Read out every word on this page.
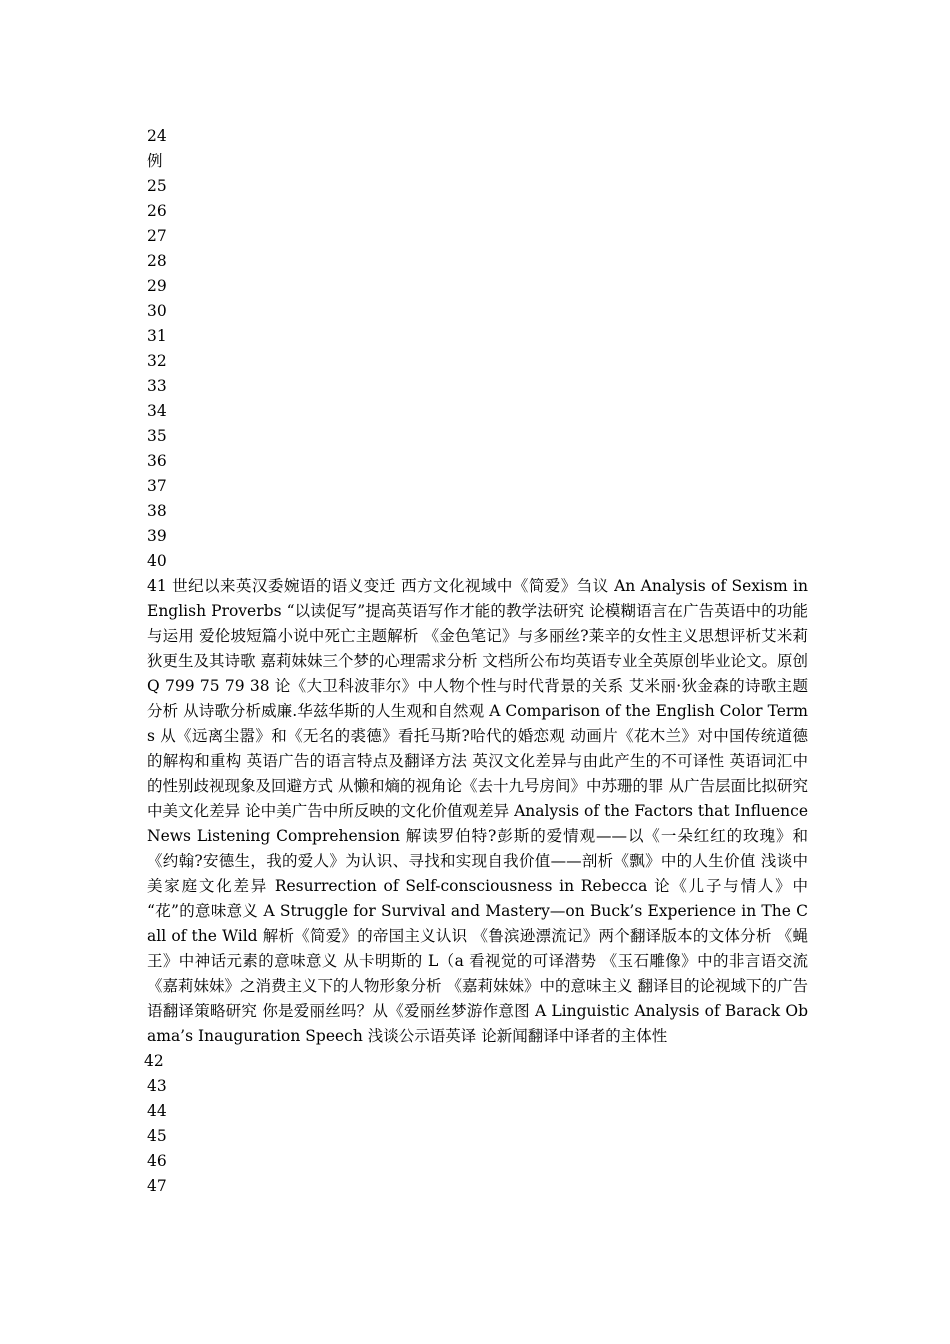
24
例
25
26
27
28
29
30
31
32
33
34
35
36
37
38
39
40
41 世纪以来英汉委婉语的语义变迁 西方文化视域中《简爱》刍议 An Analysis of Sexism in English Proverbs “以读促写”提高英语写作才能的教学法研究 论模糊语言在广告英语中的功能与运用 爱伦坡短篇小说中死亡主题解析 《金色笔记》与多丽丝?莱辛的女性主义思想评析艾米莉狄更生及其诗歌 嘉莉妹妹三个梦的心理需求分析 文档所公布均英语专业全英原创毕业论文。原创Q 799 75 79 38 论《大卫科波菲尔》中人物个性与时代背景的关系 艾米丽·狄金森的诗歌主题分析 从诗歌分析威廉.华兹华斯的人生观和自然观 A Comparison of the English Color Terms 从《远离尘嚣》和《无名的裘德》看托马斯?哈代的婚恋观 动画片《花木兰》对中国传统道德的解构和重构 英语广告的语言特点及翻译方法 英汉文化差异与由此产生的不可译性 英语词汇中的性别歧视现象及回避方式 从懒和熵的视角论《去十九号房间》中苏珊的罪 从广告层面比拟研究中美文化差异 论中美广告中所反映的文化价值观差异 Analysis of the Factors that Influence News Listening Comprehension 解读罗伯特?彭斯的爱情观——以《一朵红红的玫瑰》和《约翰?安德生，我的爱人》为认识、寻找和实现自我价值——剖析《飘》中的人生价值 浅谈中美家庭文化差异 Resurrection of Self-consciousness in Rebecca 论《儿子与情人》中 “花”的意味意义 A Struggle for Survival and Mastery—on Buck’s Experience in The Call of the Wild 解析《简爱》的帝国主义认识 《鲁滨逊漂流记》两个翻译版本的文体分析 《蝇王》中神话元素的意味意义 从卡明斯的 L（a 看视觉的可译潜势 《玉石雕像》中的非言语交流 《嘉莉妹妹》之消费主义下的人物形象分析 《嘉莉妹妹》中的意味主义 翻译目的论视域下的广告语翻译策略研究 你是爱丽丝吗？从《爱丽丝梦游作意图 A Linguistic Analysis of Barack Obama’s Inauguration Speech 浅谈公示语英译 论新闻翻译中译者的主体性
42
43
44
45
46
47
